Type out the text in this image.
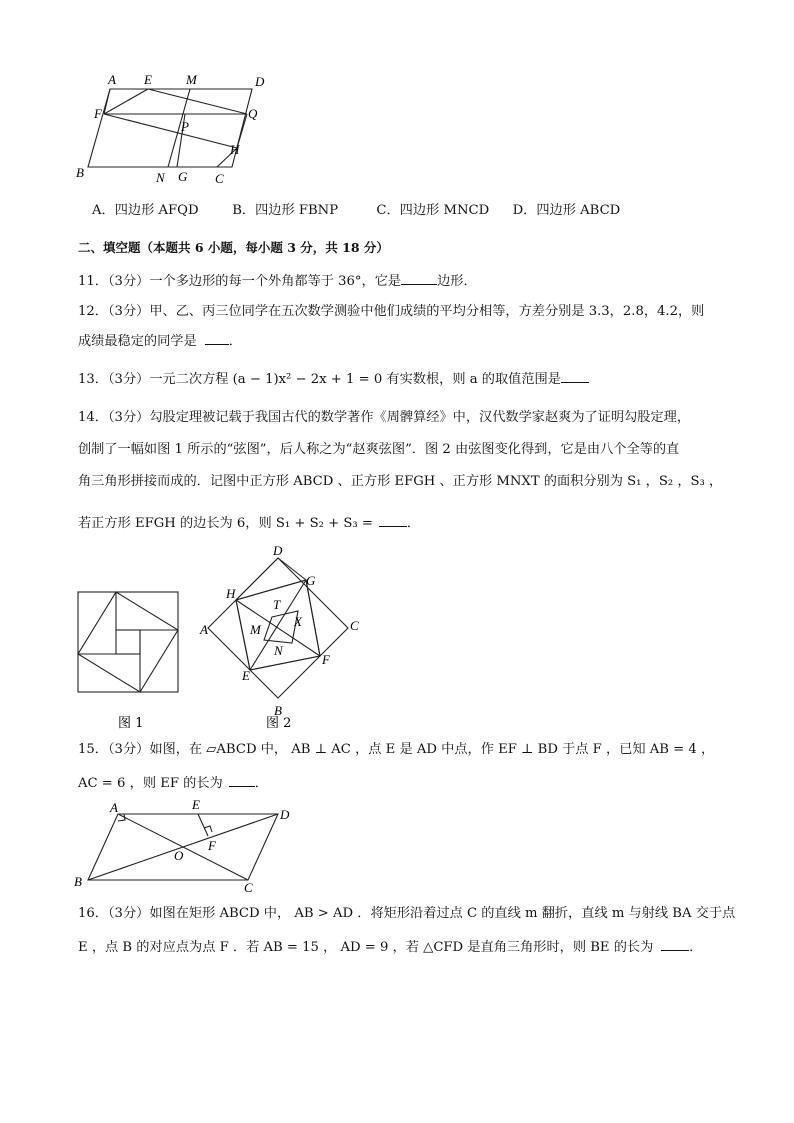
A E	M	D
F	Q
P
H
B	N G C
A．四边形 AFQD	B．四边形 FBNP	C．四边形 MNCD D．四边形 ABCD
二、填空题（本题共 6 小题，每小题 3 分，共 18 分）
11．（3分）一个多边形的每一个外角都等于 36°，它是	边形．
12．（3分）甲、乙、丙三位同学在五次数学测验中他们成绩的平均分相等，方差分别是 3.3，2.8，4.2，则
成绩最稳定的同学是 ．
13．（3分）一元二次方程 (a − 1)x² − 2x + 1 = 0 有实数根，则 a 的取值范围是
14．（3分）勾股定理被记载于我国古代的数学著作《周髀算经》中，汉代数学家赵爽为了证明勾股定理，
创制了一幅如图 1 所示的“弦图”，后人称之为“赵爽弦图”．图 2 由弦图变化得到，它是由八个全等的直
角三角形拼接而成的．记图中正方形 ABCD 、正方形 EFGH 、正方形 MNXT 的面积分别为 S₁ ，S₂ ，S₃ ，
若正方形 EFGH 的边长为 6，则 S₁ + S₂ + S₃ =	．
D
G
H
T
C
A	M
X
N
F
E
B
图 1	图 2
15．（3分）如图，在 ▱ABCD 中， AB ⊥ AC ，点 E 是 AD 中点，作 EF ⊥ BD 于点 F ，已知 AB = 4 ，
AC = 6 ，则 EF 的长为 ．
A	E
D
F
O
B	C
16．（3分）如图在矩形 ABCD 中， AB > AD ．将矩形沿着过点 C 的直线 m 翻折，直线 m 与射线 BA 交于点
E ，点 B 的对应点为点 F ．若 AB = 15 ， AD = 9 ，若 △CFD 是直角三角形时，则 BE 的长为	．
